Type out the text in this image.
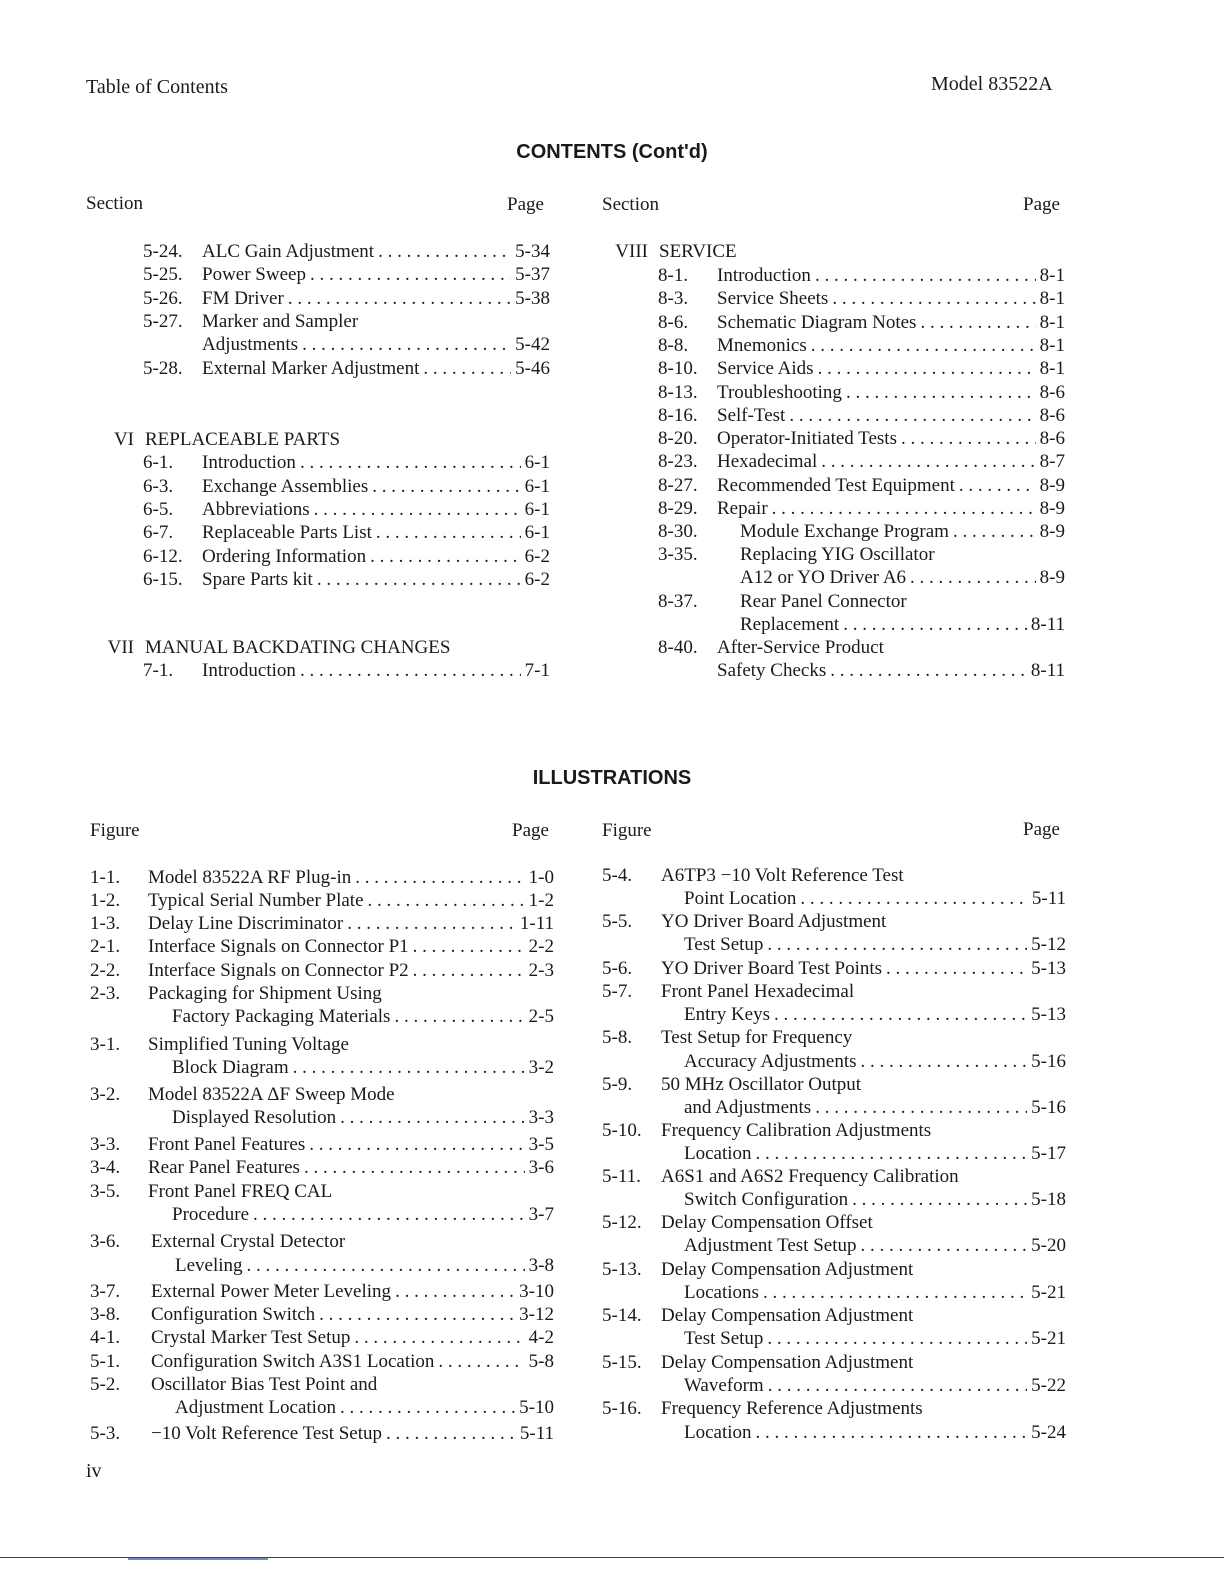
Table of Contents	Model 83522A
CONTENTS (Cont'd)
Section	Page	Section	Page
5-24. ALC Gain Adjustment . . .	5-34
5-25. Power Sweep . . .	5-37
5-26. FM Driver . . .	5-38
5-27. Marker and Sampler
Adjustments . . .	5-42
5-28. External Marker Adjustment . . .	5-46
VI REPLACEABLE PARTS
6-1. Introduction . . .	6-1
6-3. Exchange Assemblies . . .	6-1
6-5. Abbreviations . . .	6-1
6-7. Replaceable Parts List . . .	6-1
6-12. Ordering Information . . .	6-2
6-15. Spare Parts kit . . .	6-2
VII MANUAL BACKDATING CHANGES
7-1. Introduction . . .	7-1
VIII SERVICE
8-1. Introduction . . .	8-1
8-3. Service Sheets . . .	8-1
8-6. Schematic Diagram Notes . . .	8-1
8-8. Mnemonics . . .	8-1
8-10. Service Aids . . .	8-1
8-13. Troubleshooting . . .	8-6
8-16. Self-Test . . .	8-6
8-20. Operator-Initiated Tests . . .	8-6
8-23. Hexadecimal . . .	8-7
8-27. Recommended Test Equipment . . .	8-9
8-29. Repair . . .	8-9
8-30. Module Exchange Program . . .	8-9
3-35. Replacing YIG Oscillator
A12 or YO Driver A6 . . .	8-9
8-37. Rear Panel Connector
Replacement . . .	8-11
8-40. After-Service Product
Safety Checks . . .	8-11
ILLUSTRATIONS
Figure	Page	Figure	Page
1-1. Model 83522A RF Plug-in . . .	1-0
1-2. Typical Serial Number Plate . . .	1-2
1-3. Delay Line Discriminator . . .	1-11
2-1. Interface Signals on Connector P1 . . .	2-2
2-2. Interface Signals on Connector P2 . . .	2-3
2-3. Packaging for Shipment Using
Factory Packaging Materials . . .	2-5
3-1. Simplified Tuning Voltage
Block Diagram . . .	3-2
3-2. Model 83522A ΔF Sweep Mode
Displayed Resolution . . .	3-3
3-3. Front Panel Features . . .	3-5
3-4. Rear Panel Features . . .	3-6
3-5. Front Panel FREQ CAL
Procedure . . .	3-7
3-6. External Crystal Detector
Leveling . . .	3-8
3-7. External Power Meter Leveling . . .	3-10
3-8. Configuration Switch . . .	3-12
4-1. Crystal Marker Test Setup . . .	4-2
5-1. Configuration Switch A3S1 Location . . .	5-8
5-2. Oscillator Bias Test Point and
Adjustment Location . . .	5-10
5-3. −10 Volt Reference Test Setup . . .	5-11
5-4. A6TP3 −10 Volt Reference Test
Point Location . . .	5-11
5-5. YO Driver Board Adjustment
Test Setup . . .	5-12
5-6. YO Driver Board Test Points . . .	5-13
5-7. Front Panel Hexadecimal
Entry Keys . . .	5-13
5-8. Test Setup for Frequency
Accuracy Adjustments . . .	5-16
5-9. 50 MHz Oscillator Output
and Adjustments . . .	5-16
5-10. Frequency Calibration Adjustments
Location . . .	5-17
5-11. A6S1 and A6S2 Frequency Calibration
Switch Configuration . . .	5-18
5-12. Delay Compensation Offset
Adjustment Test Setup . . .	5-20
5-13. Delay Compensation Adjustment
Locations . . .	5-21
5-14. Delay Compensation Adjustment
Test Setup . . .	5-21
5-15. Delay Compensation Adjustment
Waveform . . .	5-22
5-16. Frequency Reference Adjustments
Location . . .	5-24
iv
